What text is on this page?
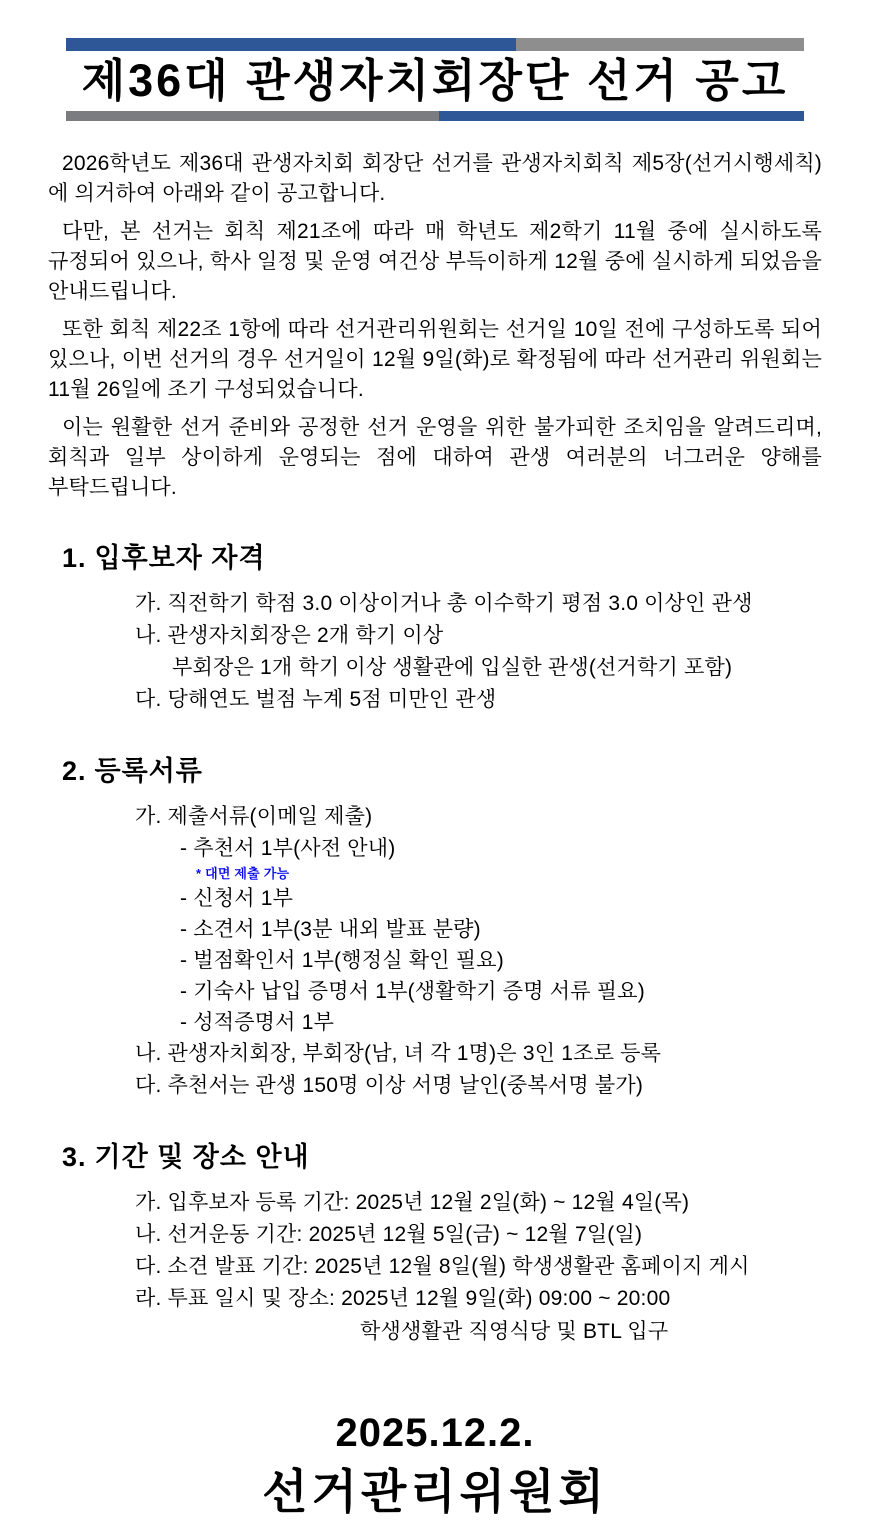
제36대 관생자치회장단 선거 공고

2026학년도 제36대 관생자치회 회장단 선거를 관생자치회칙 제5장(선거시행세칙)에 의거하여 아래와 같이 공고합니다.

다만, 본 선거는 회칙 제21조에 따라 매 학년도 제2학기 11월 중에 실시하도록 규정되어 있으나, 학사 일정 및 운영 여건상 부득이하게 12월 중에 실시하게 되었음을 안내드립니다.

또한 회칙 제22조 1항에 따라 선거관리위원회는 선거일 10일 전에 구성하도록 되어 있으나, 이번 선거의 경우 선거일이 12월 9일(화)로 확정됨에 따라 선거관리 위원회는 11월 26일에 조기 구성되었습니다.

이는 원활한 선거 준비와 공정한 선거 운영을 위한 불가피한 조치임을 알려드리며, 회칙과 일부 상이하게 운영되는 점에 대하여 관생 여러분의 너그러운 양해를 부탁드립니다.

1. 입후보자 자격
가. 직전학기 학점 3.0 이상이거나 총 이수학기 평점 3.0 이상인 관생
나. 관생자치회장은 2개 학기 이상
부회장은 1개 학기 이상 생활관에 입실한 관생(선거학기 포함)
다. 당해연도 벌점 누계 5점 미만인 관생
2. 등록서류
가. 제출서류(이메일 제출)
- 추천서 1부(사전 안내)
* 대면 제출 가능
- 신청서 1부
- 소견서 1부(3분 내외 발표 분량)
- 벌점확인서 1부(행정실 확인 필요)
- 기숙사 납입 증명서 1부(생활학기 증명 서류 필요)
- 성적증명서 1부
나. 관생자치회장, 부회장(남, 녀 각 1명)은 3인 1조로 등록
다. 추천서는 관생 150명 이상 서명 날인(중복서명 불가)
3. 기간 및 장소 안내
가. 입후보자 등록 기간: 2025년 12월 2일(화) ~ 12월 4일(목)
나. 선거운동 기간: 2025년 12월 5일(금) ~ 12월 7일(일)
다. 소견 발표 기간: 2025년 12월 8일(월) 학생생활관 홈페이지 게시
라. 투표 일시 및 장소: 2025년 12월 9일(화) 09:00 ~ 20:00
학생생활관 직영식당 및 BTL 입구
2025.12.2.
선거관리위원회
